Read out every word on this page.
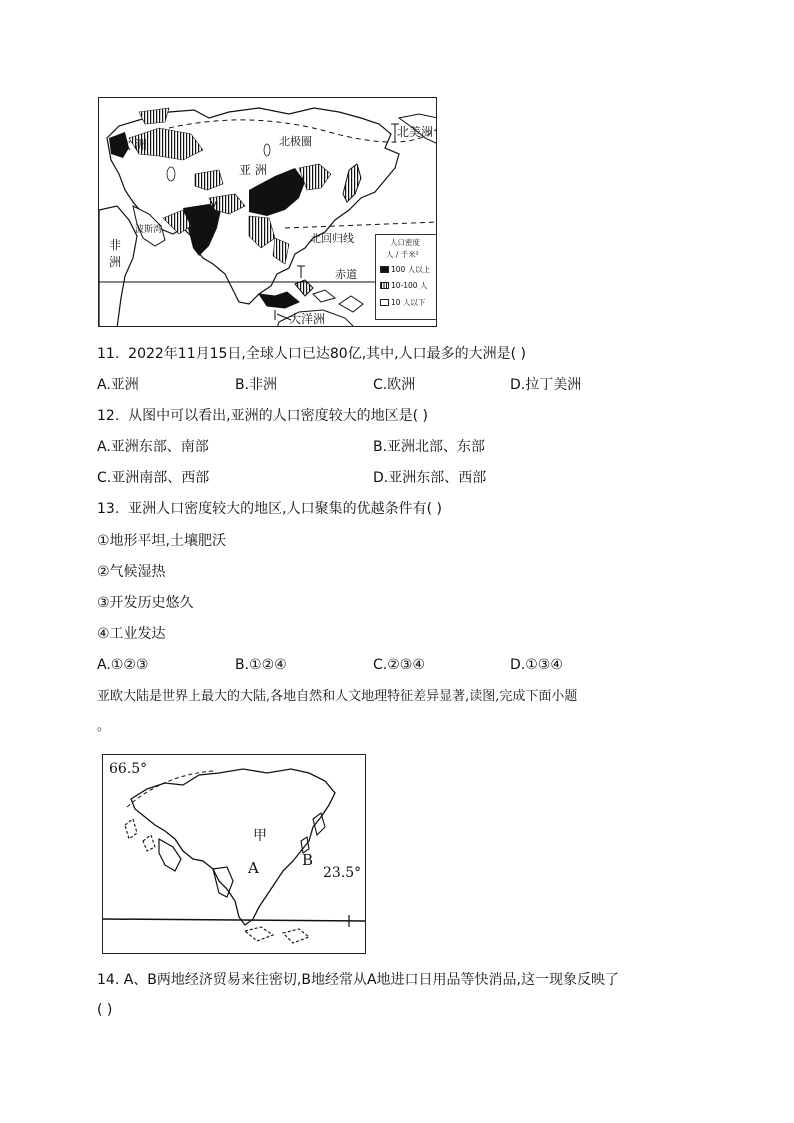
欧 洲	北极圈
北美洲
亚 洲
M
波斯湾
非
洲
北回归线
赤道
大洋洲
人口密度
人 / 千米²
100 人以上
10-100 人
10 人以下
11. 2022年11月15日,全球人口已达80亿,其中,人口最多的大洲是( )
A.亚洲	B.非洲	C.欧洲	D.拉丁美洲
12. 从图中可以看出,亚洲的人口密度较大的地区是( )
A.亚洲东部、南部	B.亚洲北部、东部
C.亚洲南部、西部	D.亚洲东部、西部
13. 亚洲人口密度较大的地区,人口聚集的优越条件有( )
①地形平坦,土壤肥沃
②气候湿热
③开发历史悠久
④工业发达
A.①②③	B.①②④	C.②③④	D.①③④
亚欧大陆是世界上最大的大陆,各地自然和人文地理特征差异显著,读图,完成下面小题
。
66.5°
甲
A	B
23.5°
14. A、B两地经济贸易来往密切,B地经常从A地进口日用品等快消品,这一现象反映了
( )
